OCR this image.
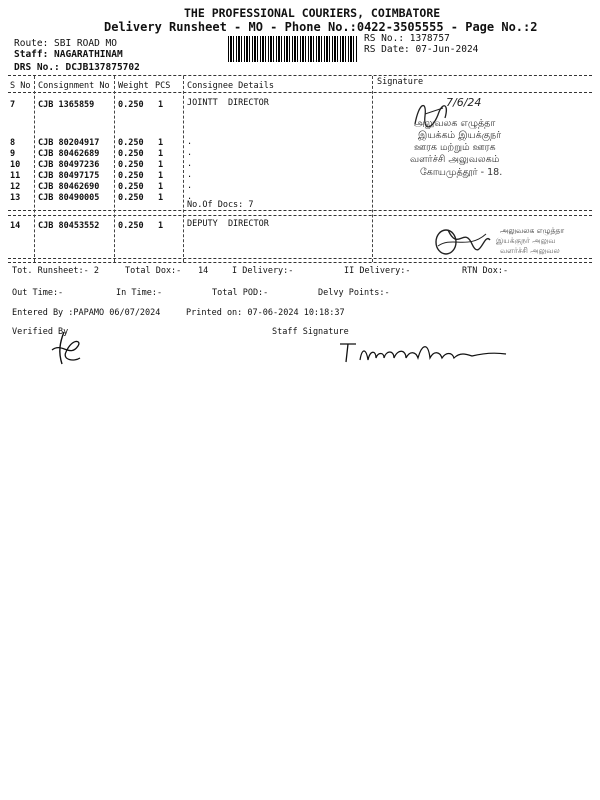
THE PROFESSIONAL COURIERS, COIMBATORE
Delivery Runsheet - MO - Phone No.:0422-3505555 - Page No.:2
Route: SBI ROAD MO
Staff: NAGARATHINAM
DRS No.: DCJB137875702
RS No.: 1378757
RS Date: 07-Jun-2024
S No Consignment No Weight PCS Consignee Details	Signature
7	CJB 1365859	0.250 1	JOINTT  DIRECTOR
8	CJB 80204917 0.250 1	.
9	CJB 80462689 0.250 1	.
10 CJB 80497236 0.250 1	.
11 CJB 80497175 0.250 1	.
12 CJB 80462690 0.250 1	.
13 CJB 80490005 0.250 1	.
No.Of Docs: 7
14 CJB 80453552 0.250 1	DEPUTY  DIRECTOR
7/6/24
அலுவலக எழுத்தா
இயக்கம் இயக்குநர்
ஊரக மற்றும் ஊரக
வளர்ச்சி அலுவலகம்
கோயமுத்தூர் - 18.
அலுவலக எழுத்தா
இயக்குநர் அலுவ
வளர்ச்சி அலுவல
Tot. Runsheet:- 2	Total Dox:- 14	I Delivery:-	II Delivery:-	RTN Dox:-
Out Time:-	In Time:-	Total POD:-	Delvy Points:-
Entered By :PAPAMO 06/07/2024	Printed on: 07-06-2024 10:18:37
Verified By	Staff Signature
